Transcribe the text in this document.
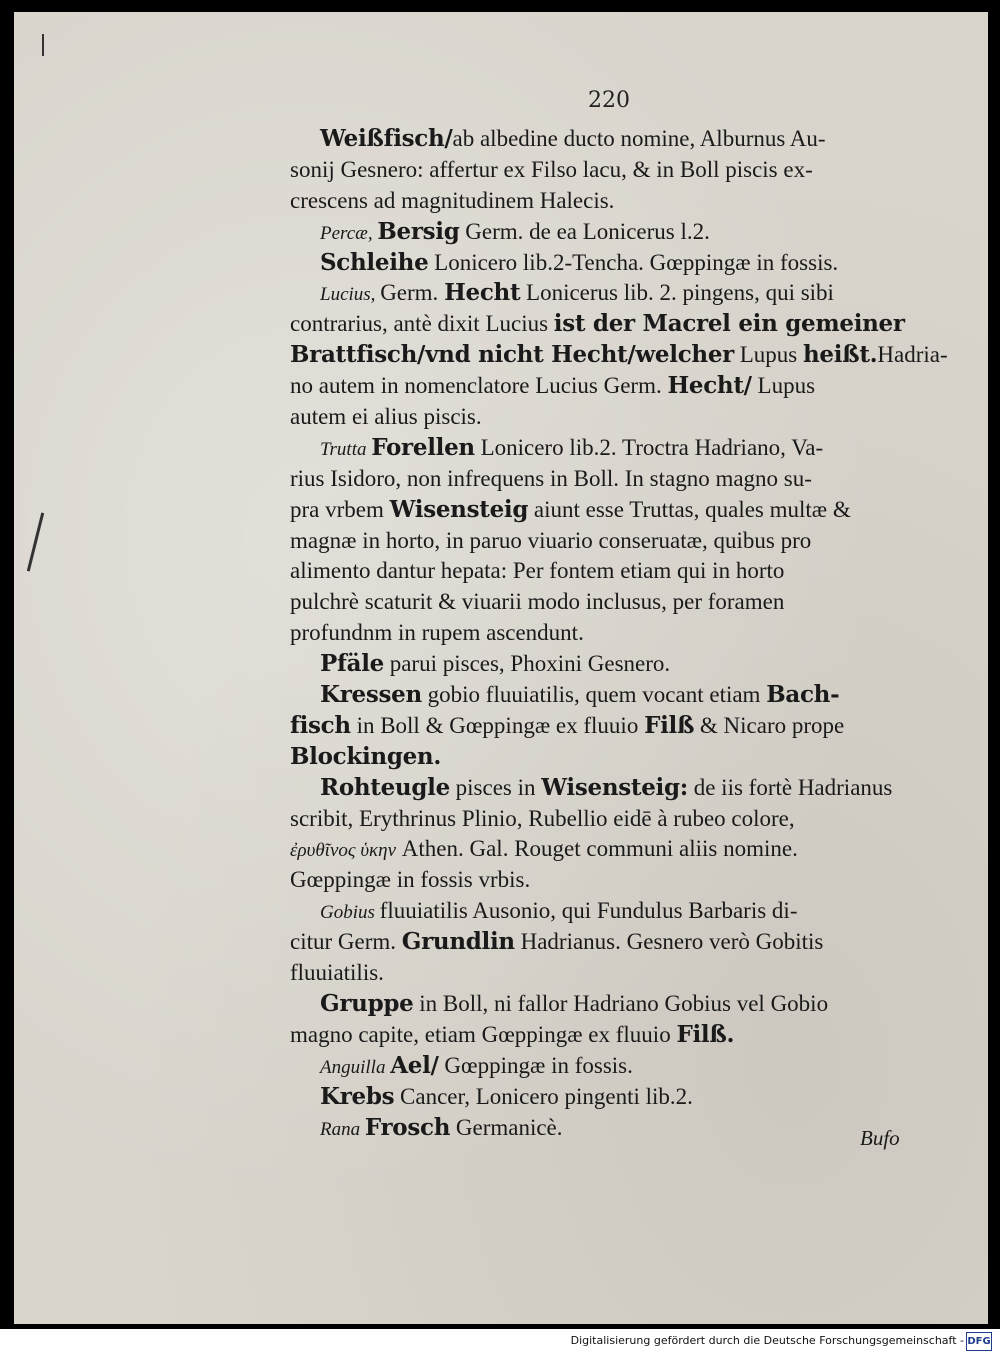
220
Weißfisch/ab albedine ducto nomine, Alburnus Au-
sonij Gesnero: affertur ex Filso lacu, & in Boll piscis ex-
crescens ad magnitudinem Halecis.
Percæ, Bersig Germ. de ea Lonicerus l.2.
Schleihe Lonicero lib.2-Tencha. Gœppingæ in fossis.
Lucius, Germ. Hecht Lonicerus lib. 2. pingens, qui sibi
contrarius, antè dixit Lucius ist der Macrel ein gemeiner
Brattfisch/vnd nicht Hecht/welcher Lupus heißt.Hadria-
no autem in nomenclatore Lucius Germ. Hecht/ Lupus
autem ei alius piscis.
Trutta Forellen Lonicero lib.2. Troctra Hadriano, Va-
rius Isidoro, non infrequens in Boll. In stagno magno su-
pra vrbem Wisensteig aiunt esse Truttas, quales multæ &
magnæ in horto, in paruo viuario conseruatæ, quibus pro
alimento dantur hepata: Per fontem etiam qui in horto
pulchrè scaturit & viuarii modo inclusus, per foramen
profundnm in rupem ascendunt.
Pfäle parui pisces, Phoxini Gesnero.
Kressen gobio fluuiatilis, quem vocant etiam Bach-
fisch in Boll & Gœppingæ ex fluuio Filß & Nicaro prope
Blockingen.
Rohteugle pisces in Wisensteig: de iis fortè Hadrianus
scribit, Erythrinus Plinio, Rubellio eidē à rubeo colore,
ἐρυθῖνος ὑκην Athen. Gal. Rouget communi aliis nomine.
Gœppingæ in fossis vrbis.
Gobius fluuiatilis Ausonio, qui Fundulus Barbaris di-
citur Germ. Grundlin Hadrianus. Gesnero verò Gobitis
fluuiatilis.
Gruppe in Boll, ni fallor Hadriano Gobius vel Gobio
magno capite, etiam Gœppingæ ex fluuio Filß.
Anguilla Ael/ Gœppingæ in fossis.
Krebs Cancer, Lonicero pingenti lib.2.
Rana Frosch Germanicè.	Bufo
Digitalisierung gefördert durch die Deutsche Forschungsgemeinschaft - DFG
